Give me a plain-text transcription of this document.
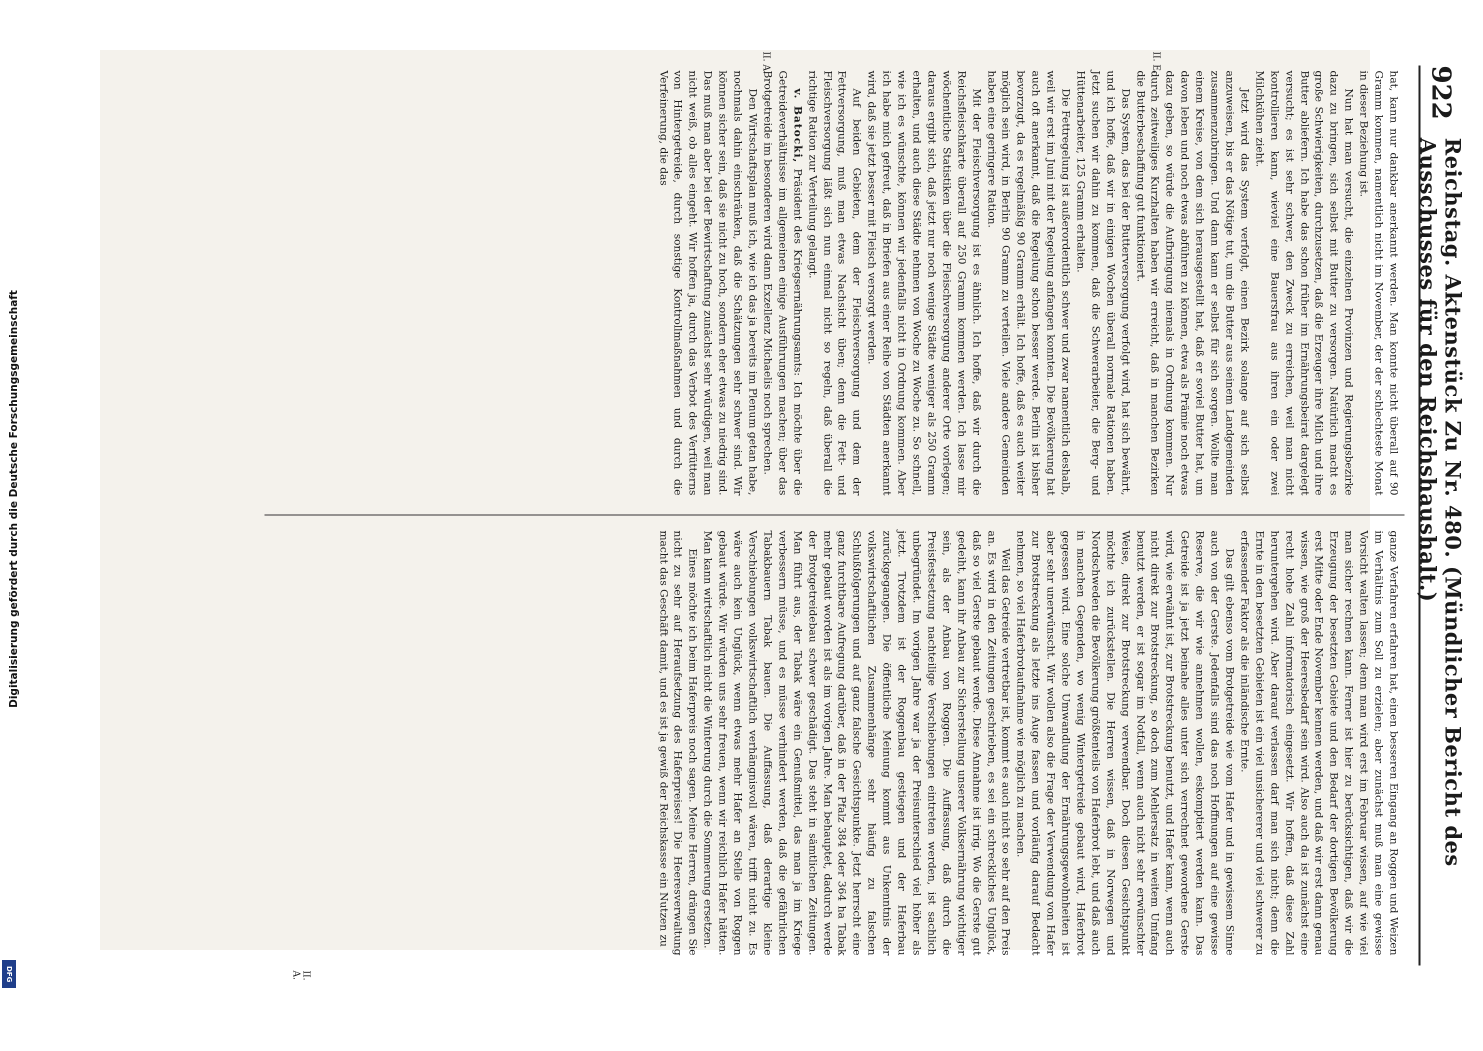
Digitalisierung gefördert durch die Deutsche Forschungsgemeinschaft
DFG
922
Reichstag. Aktenstück Zu Nr. 480. (Mündlicher Bericht des Ausschusses für den Reichshaushalt.)

hat, kann nur dankbar anerkannt werden. Man konnte nicht überall auf 90 Gramm kommen, namentlich nicht im November, der der schlechteste Monat in dieser Beziehung ist.

Nun hat man versucht, die einzelnen Provinzen und Regierungsbezirke dazu zu bringen, sich selbst mit Butter zu versorgen. Natürlich macht es große Schwierigkeiten, durchzusetzen, daß die Erzeuger ihre Milch und ihre Butter abliefern. Ich habe das schon früher im Ernährungsbeirat dargelegt versucht; es ist sehr schwer, den Zweck zu erreichen, weil man nicht kontrollieren kann, wieviel eine Bauersfrau aus ihren ein oder zwei Milchkühen zieht.

Jetzt wird das System verfolgt, einen Bezirk solange auf sich selbst anzuweisen, bis er das Nötige tut, um die Butter aus seinem Landgemeinden zusammenzubringen. Und dann kann er selbst für sich sorgen. Wollte man einem Kreise, von dem sich herausgestellt hat, daß er soviel Butter hat, um davon leben und noch etwas abführen zu können, etwa als Prämie noch etwas dazu geben, so würde die Aufbringung niemals in Ordnung kommen. Nur durch zeitweiliges Kurzhalten haben wir erreicht, daß in manchen Bezirken die Butterbeschaffung gut funktioniert.

Das System, das bei der Butterversorgung verfolgt wird, hat sich bewährt, und ich hoffe, daß wir in einigen Wochen überall normale Rationen haben. Jetzt suchen wir dahin zu kommen, daß die Schwerarbeiter, die Berg- und Hüttenarbeiter, 125 Gramm erhalten.

Die Fettregelung ist außerordentlich schwer und zwar namentlich deshalb, weil wir erst im Juni mit der Regelung anfangen konnten. Die Bevölkerung hat auch oft anerkannt, daß die Regelung schon besser werde. Berlin ist bisher bevorzugt, da es regelmäßig 90 Gramm erhält. Ich hoffe, daß es auch weiter möglich sein wird, in Berlin 90 Gramm zu verteilen. Viele andere Gemeinden haben eine geringere Ration.

Mit der Fleischversorgung ist es ähnlich. Ich hoffe, daß wir durch die Reichsfleischkarte überall auf 250 Gramm kommen werden. Ich lasse mir wöchentliche Statistiken über die Fleischversorgung anderer Orte vorlegen; daraus ergibt sich, daß jetzt nur noch wenige Städte weniger als 250 Gramm erhalten, und auch diese Städte nehmen von Woche zu Woche zu. So schnell, wie ich es wünschte, können wir jedenfalls nicht in Ordnung kommen. Aber ich habe mich gefreut, daß in Briefen aus einer Reihe von Städten anerkannt wird, daß sie jetzt besser mit Fleisch versorgt werden.

Auf beiden Gebieten, dem der Fleischversorgung und dem der Fettversorgung, muß man etwas Nachsicht üben; denn die Fett- und Fleischversorgung läßt sich nun einmal nicht so regeln, daß überall die richtige Ration zur Verteilung gelangt.

v. Batocki, Präsident des Kriegsernährungsamts: Ich möchte über die Getreideverhältnisse im allgemeinen einige Ausführungen machen; über das Brotgetreide im besonderen wird dann Exzellenz Michaelis noch sprechen.

Den Wirtschaftsplan muß ich, wie ich das ja bereits im Plenum getan habe, nochmals dahin einschränken, daß die Schätzungen sehr schwer sind. Wir können sicher sein, daß sie nicht zu hoch, sondern eher etwas zu niedrig sind. Das muß man aber bei der Bewirtschaftung zunächst sehr würdigen, weil man nicht weiß, ob alles eingeht. Wir hoffen ja, durch das Verbot des Verfütterns von Hintergetreide, durch sonstige Kontrollmaßnahmen und durch die Verfeinerung, die das

ganze Verfahren erfahren hat, einen besseren Eingang an Roggen und Weizen im Verhältnis zum Soll zu erzielen; aber zunächst muß man eine gewisse Vorsicht walten lassen; denn man wird erst im Februar wissen, auf wie viel man sicher rechnen kann. Ferner ist hier zu berücksichtigen, daß wir die Erzeugung der besetzten Gebiete und den Bedarf der dortigen Bevölkerung erst Mitte oder Ende November kennen werden, und daß wir erst dann genau wissen, wie groß der Heeresbedarf sein wird. Also auch da ist zunächst eine recht hohe Zahl informatorisch eingesetzt. Wir hoffen, daß diese Zahl heruntergehen wird. Aber darauf verlassen darf man sich nicht; denn die Ernte in den besetzten Gebieten ist ein viel unsichererer und viel schwerer zu erfassender Faktor als die inländische Ernte.

Das gilt ebenso vom Brotgetreide wie vom Hafer und in gewissem Sinne auch von der Gerste. Jedenfalls sind das noch Hoffnungen auf eine gewisse Reserve, die wir wie annehmen wollen, eskomptiert werden kann. Das Getreide ist ja jetzt beinahe alles unter sich verrechnet gewordene Gerste wird, wie erwähnt ist, zur Brotstreckung benutzt, und Hafer kann, wenn auch nicht direkt zur Brotstreckung, so doch zum Mehlersatz in weitem Umfang benutzt werden, er ist sogar im Notfall, wenn auch nicht sehr erwünschter Weise, direkt zur Brotstreckung verwendbar. Doch diesen Gesichtspunkt möchte ich zurückstellen. Die Herren wissen, daß in Norwegen und Nordschweden die Bevölkerung größtenteils von Haferbrot lebt, und daß auch in manchen Gegenden, wo wenig Wintergetreide gebaut wird, Haferbrot gegessen wird. Eine solche Umwandlung der Ernährungsgewohnheiten ist aber sehr unerwünscht. Wir wollen also die Frage der Verwendung von Hafer zur Brotstreckung als letzte ins Auge fassen und vorläufig darauf Bedacht nehmen, so viel Haferbrotaufnahme wie möglich zu machen.

Weil das Getreide vertretbar ist, kommt es auch nicht so sehr auf den Preis an. Es wird in den Zeitungen geschrieben, es sei ein schreckliches Unglück, daß so viel Gerste gebaut werde. Diese Annahme ist irrig. Wo die Gerste gut gedeiht, kann ihr Anbau zur Sicherstellung unserer Volksernährung wichtiger sein, als der Anbau von Roggen. Die Auffassung, daß durch die Preisfestsetzung nachteilige Verschiebungen eintreten werden, ist sachlich unbegründet. Im vorigen Jahre war ja der Preisunterschied viel höher als jetzt. Trotzdem ist der Roggenbau gestiegen und der Haferbau zurückgegangen. Die öffentliche Meinung kommt aus Unkenntnis der volkswirtschaftlichen Zusammenhänge sehr häufig zu falschen Schlußfolgerungen und auf ganz falsche Gesichtspunkte. Jetzt herrscht eine ganz furchtbare Aufregung darüber, daß in der Pfalz 384 oder 364 ha Tabak mehr gebaut worden ist als im vorigen Jahre. Man behauptet, dadurch werde der Brotgetreidebau schwer geschädigt. Das steht in sämtlichen Zeitungen. Man führt aus, der Tabak wäre ein Genußmittel, das man ja im Kriege verbessern müsse, und es müsse verhindert werden, daß die gefährlichen Tabakbauern Tabak bauen. Die Auffassung, daß derartige kleine Verschiebungen volkswirtschaftlich verhängnisvoll wären, trifft nicht zu. Es wäre auch kein Unglück, wenn etwas mehr Hafer an Stelle von Roggen gebaut würde. Wir würden uns sehr freuen, wenn wir reichlich Hafer hätten. Man kann wirtschaftlich nicht die Winterung durch die Sommerung ersetzen.

Eines möchte ich beim Haferpreis noch sagen. Meine Herren, drängen Sie nicht zu sehr auf Heraufsetzung des Haferpreises! Die Heeresverwaltung macht das Geschäft damit, und es ist ja gewiß der Reichskasse ein Nutzen zu

II. E.
II. A.
II. A.
